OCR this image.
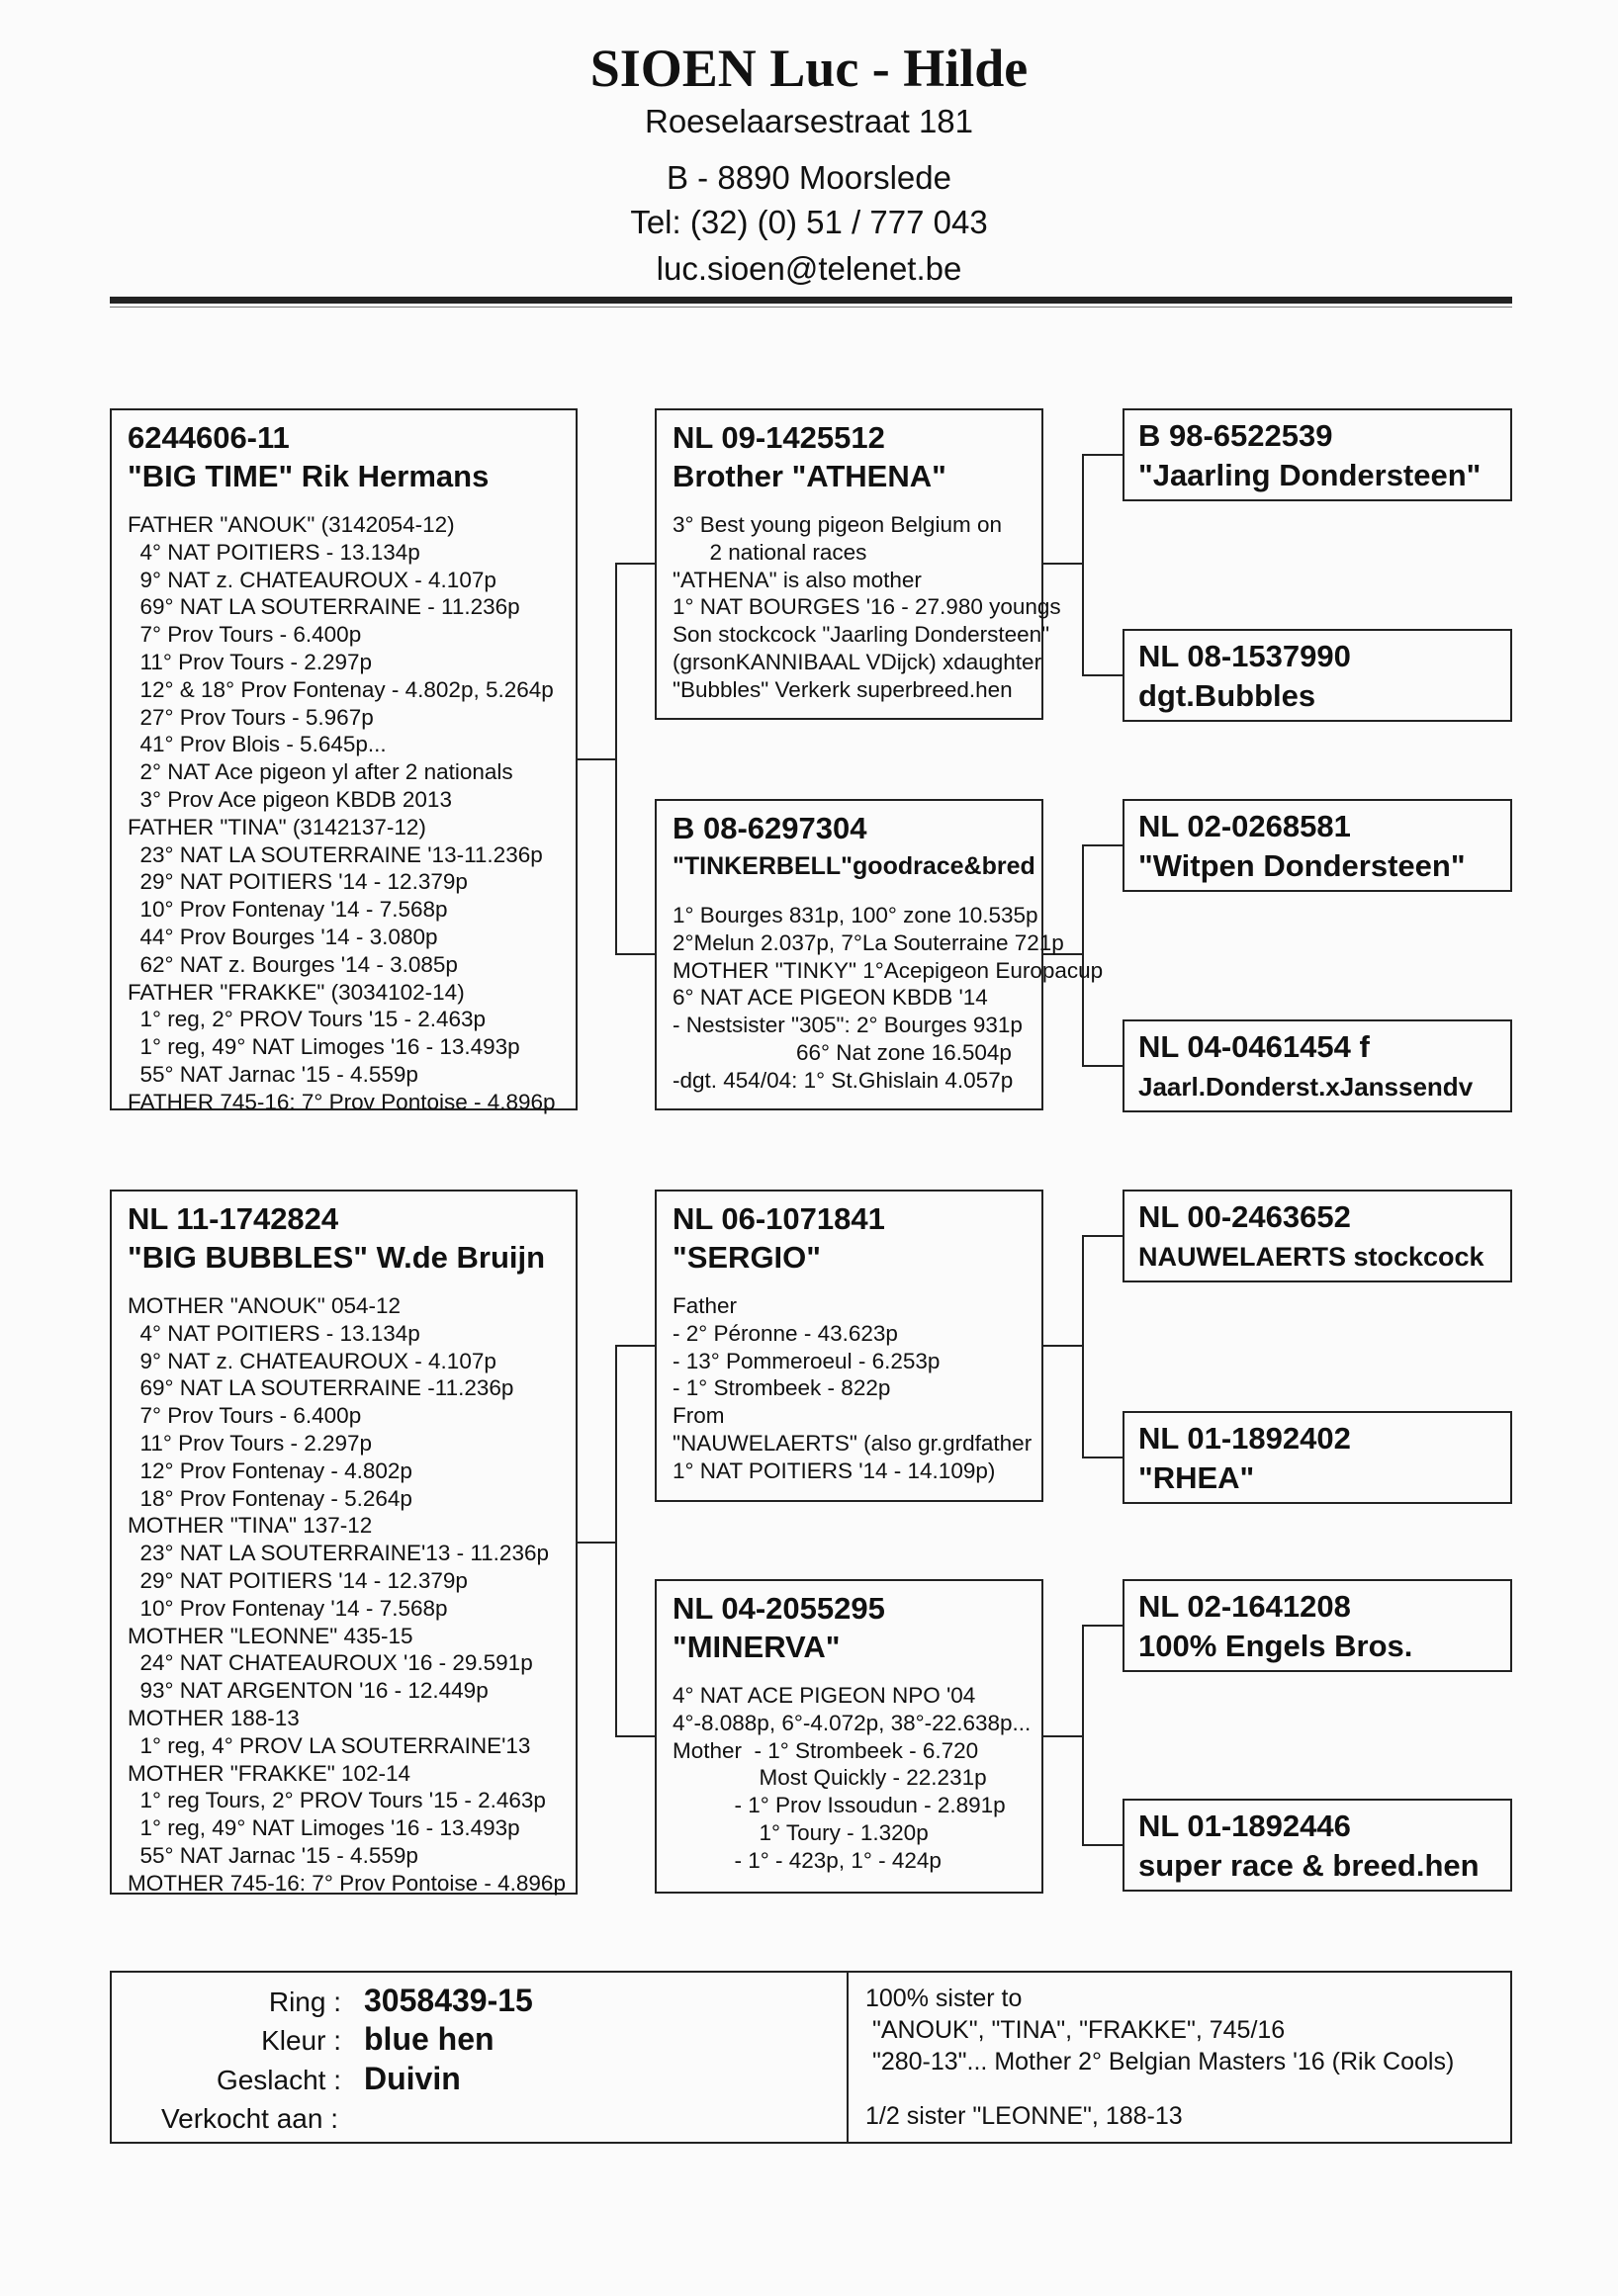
SIOEN Luc - Hilde
Roeselaarsestraat 181
B - 8890 Moorslede
Tel: (32) (0) 51 / 777 043
luc.sioen@telenet.be
6244606-11
"BIG TIME" Rik Hermans
FATHER "ANOUK" (3142054-12)
4° NAT POITIERS - 13.134p
9° NAT z. CHATEAUROUX - 4.107p
69° NAT LA SOUTERRAINE - 11.236p
7° Prov Tours - 6.400p
11° Prov Tours - 2.297p
12° & 18° Prov Fontenay - 4.802p, 5.264p
27° Prov Tours - 5.967p
41° Prov Blois - 5.645p...
2° NAT Ace pigeon yl after 2 nationals
3° Prov Ace pigeon KBDB 2013
FATHER "TINA" (3142137-12)
23° NAT LA SOUTERRAINE '13-11.236p
29° NAT POITIERS '14 - 12.379p
10° Prov Fontenay '14 - 7.568p
44° Prov Bourges '14 - 3.080p
62° NAT z. Bourges '14 - 3.085p
FATHER "FRAKKE" (3034102-14)
1° reg, 2° PROV Tours '15 - 2.463p
1° reg, 49° NAT Limoges '16 - 13.493p
55° NAT Jarnac '15 - 4.559p
FATHER 745-16: 7° Prov Pontoise - 4.896p
NL 11-1742824
"BIG BUBBLES" W.de Bruijn
MOTHER "ANOUK" 054-12
4° NAT POITIERS - 13.134p
9° NAT z. CHATEAUROUX - 4.107p
69° NAT LA SOUTERRAINE -11.236p
7° Prov Tours - 6.400p
11° Prov Tours - 2.297p
12° Prov Fontenay - 4.802p
18° Prov Fontenay - 5.264p
MOTHER "TINA" 137-12
23° NAT LA SOUTERRAINE'13 - 11.236p
29° NAT POITIERS '14 - 12.379p
10° Prov Fontenay '14 - 7.568p
MOTHER "LEONNE" 435-15
24° NAT CHATEAUROUX '16 - 29.591p
93° NAT ARGENTON '16 - 12.449p
MOTHER 188-13
1° reg, 4° PROV LA SOUTERRAINE'13
MOTHER "FRAKKE" 102-14
1° reg Tours, 2° PROV Tours '15 - 2.463p
1° reg, 49° NAT Limoges '16 - 13.493p
55° NAT Jarnac '15 - 4.559p
MOTHER 745-16: 7° Prov Pontoise - 4.896p
NL 09-1425512
Brother "ATHENA"
3° Best young pigeon Belgium on
2 national races
"ATHENA" is also mother
1° NAT BOURGES '16 - 27.980 youngs
Son stockcock "Jaarling Dondersteen"
(grsonKANNIBAAL VDijck) xdaughter
"Bubbles" Verkerk superbreed.hen
B 08-6297304
"TINKERBELL"goodrace&bred
1° Bourges 831p, 100° zone 10.535p
2°Melun 2.037p, 7°La Souterraine 721p
MOTHER "TINKY" 1°Acepigeon Europacup
6° NAT ACE PIGEON KBDB '14
- Nestsister "305": 2° Bourges 931p
66° Nat zone 16.504p
-dgt. 454/04: 1° St.Ghislain 4.057p
NL 06-1071841
"SERGIO"
Father
- 2° Péronne - 43.623p
- 13° Pommeroeul - 6.253p
- 1° Strombeek - 822p
From
"NAUWELAERTS" (also gr.grdfather
1° NAT POITIERS '14 - 14.109p)
NL 04-2055295
"MINERVA"
4° NAT ACE PIGEON NPO '04
4°-8.088p, 6°-4.072p, 38°-22.638p...
Mother  - 1° Strombeek - 6.720
Most Quickly - 22.231p
- 1° Prov Issoudun - 2.891p
1° Toury - 1.320p
- 1° - 423p, 1° - 424p
B 98-6522539
"Jaarling Dondersteen"
NL 08-1537990
dgt.Bubbles
NL 02-0268581
"Witpen Dondersteen"
NL 04-0461454 f
Jaarl.Donderst.xJanssendv
NL 00-2463652
NAUWELAERTS stockcock
NL 01-1892402
"RHEA"
NL 02-1641208
100% Engels Bros.
NL 01-1892446
super race & breed.hen
Ring : 3058439-15
Kleur : blue hen
Geslacht : Duivin
Verkocht aan :
100% sister to
"ANOUK", "TINA", "FRAKKE", 745/16
"280-13"... Mother 2° Belgian Masters '16 (Rik Cools)
1/2 sister "LEONNE", 188-13
